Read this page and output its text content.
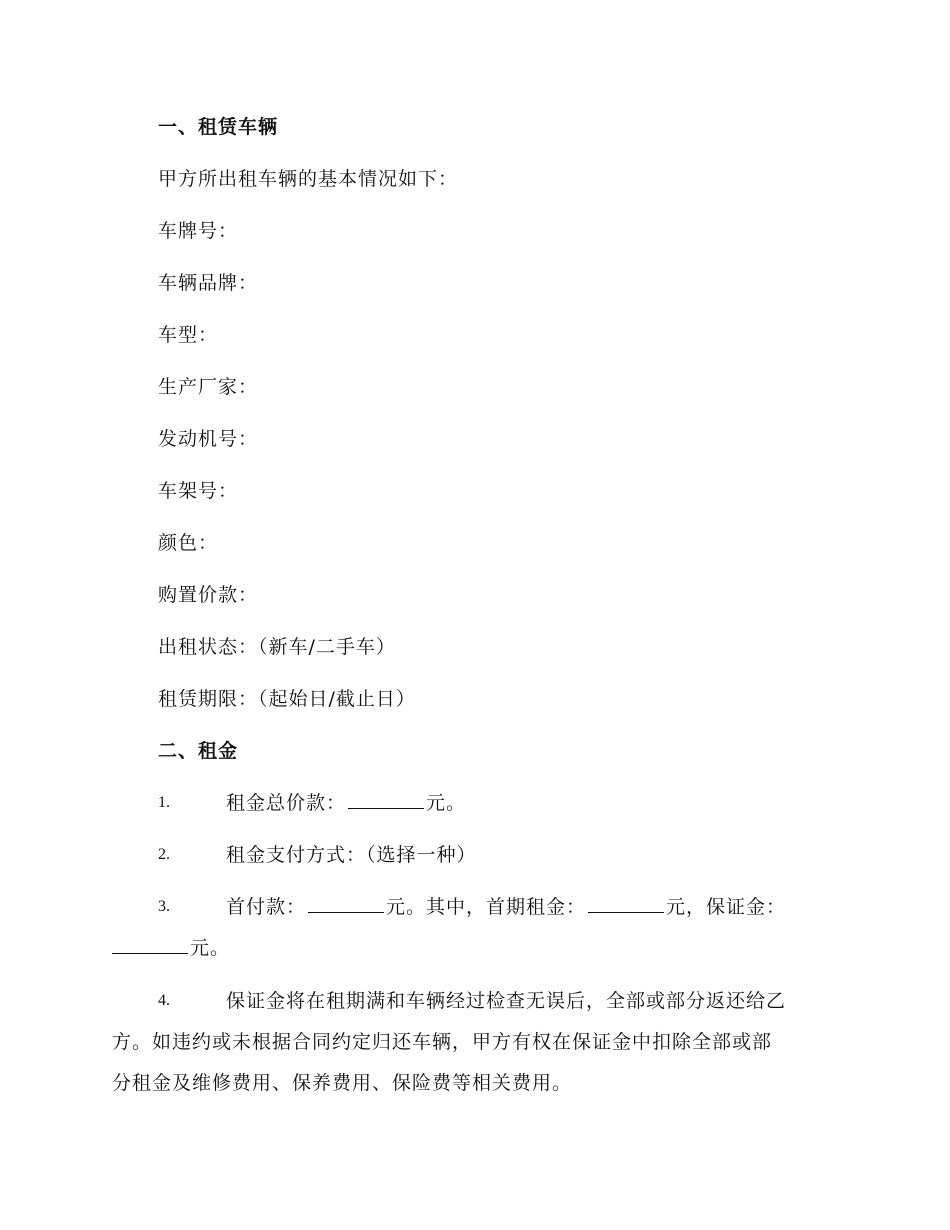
一、租赁车辆
甲方所出租车辆的基本情况如下：
车牌号：
车辆品牌：
车型：
生产厂家：
发动机号：
车架号：
颜色：
购置价款：
出租状态：（新车/二手车）
租赁期限：（起始日/截止日）
二、租金
1.	租金总价款：	元。
2.	租金支付方式：（选择一种）
3.	首付款：	元。其中，首期租金：	元，保证金：
元。
4.	保证金将在租期满和车辆经过检查无误后，全部或部分返还给乙
方。如违约或未根据合同约定归还车辆，甲方有权在保证金中扣除全部或部
分租金及维修费用、保养费用、保险费等相关费用。
